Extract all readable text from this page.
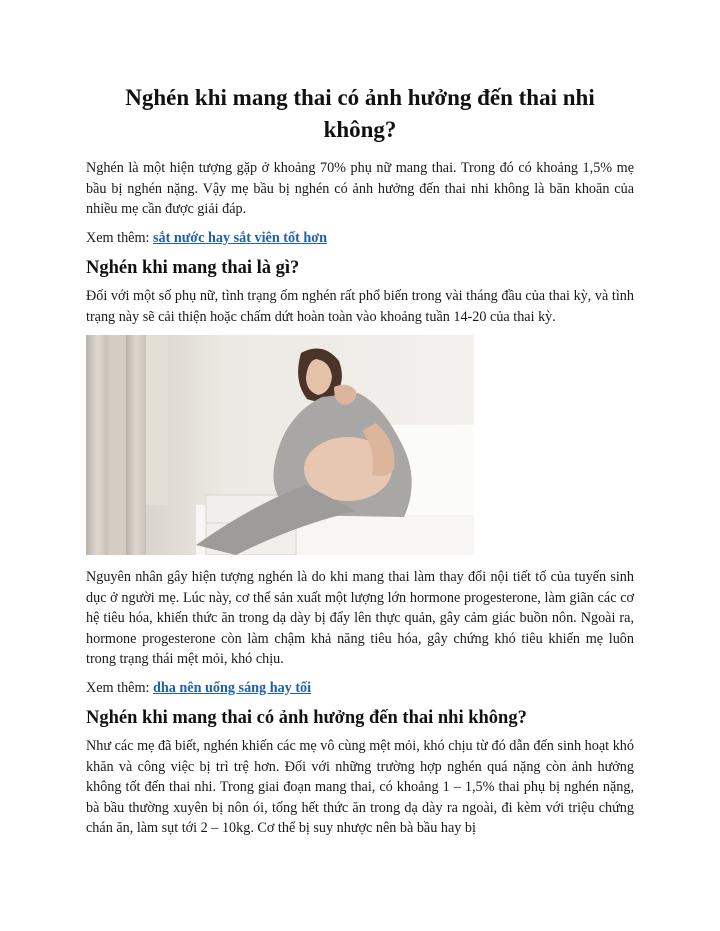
Nghén khi mang thai có ảnh hưởng đến thai nhi không?

Nghén là một hiện tượng gặp ở khoảng 70% phụ nữ mang thai. Trong đó có khoảng 1,5% mẹ bầu bị nghén nặng. Vậy mẹ bầu bị nghén có ảnh hưởng đến thai nhi không là băn khoăn của nhiều mẹ cần được giải đáp.

Xem thêm: sắt nước hay sắt viên tốt hơn

Nghén khi mang thai là gì?

Đối với một số phụ nữ, tình trạng ốm nghén rất phổ biến trong vài tháng đầu của thai kỳ, và tình trạng này sẽ cải thiện hoặc chấm dứt hoàn toàn vào khoảng tuần 14-20 của thai kỳ.

Nguyên nhân gây hiện tượng nghén là do khi mang thai làm thay đổi nội tiết tố của tuyến sinh dục ở người mẹ. Lúc này, cơ thể sản xuất một lượng lớn hormone progesterone, làm giãn các cơ hệ tiêu hóa, khiến thức ăn trong dạ dày bị đẩy lên thực quản, gây cảm giác buồn nôn. Ngoài ra, hormone progesterone còn làm chậm khả năng tiêu hóa, gây chứng khó tiêu khiến mẹ luôn trong trạng thái mệt mỏi, khó chịu.

Xem thêm: dha nên uống sáng hay tối

Nghén khi mang thai có ảnh hưởng đến thai nhi không?

Như các mẹ đã biết, nghén khiến các mẹ vô cùng mệt mỏi, khó chịu từ đó dẫn đến sinh hoạt khó khăn và công việc bị trì trệ hơn. Đối với những trường hợp nghén quá nặng còn ảnh hưởng không tốt đến thai nhi. Trong giai đoạn mang thai, có khoảng 1 – 1,5% thai phụ bị nghén nặng, bà bầu thường xuyên bị nôn ói, tống hết thức ăn trong dạ dày ra ngoài, đi kèm với triệu chứng chán ăn, làm sụt tới 2 – 10kg. Cơ thể bị suy nhược nên bà bầu hay bị
